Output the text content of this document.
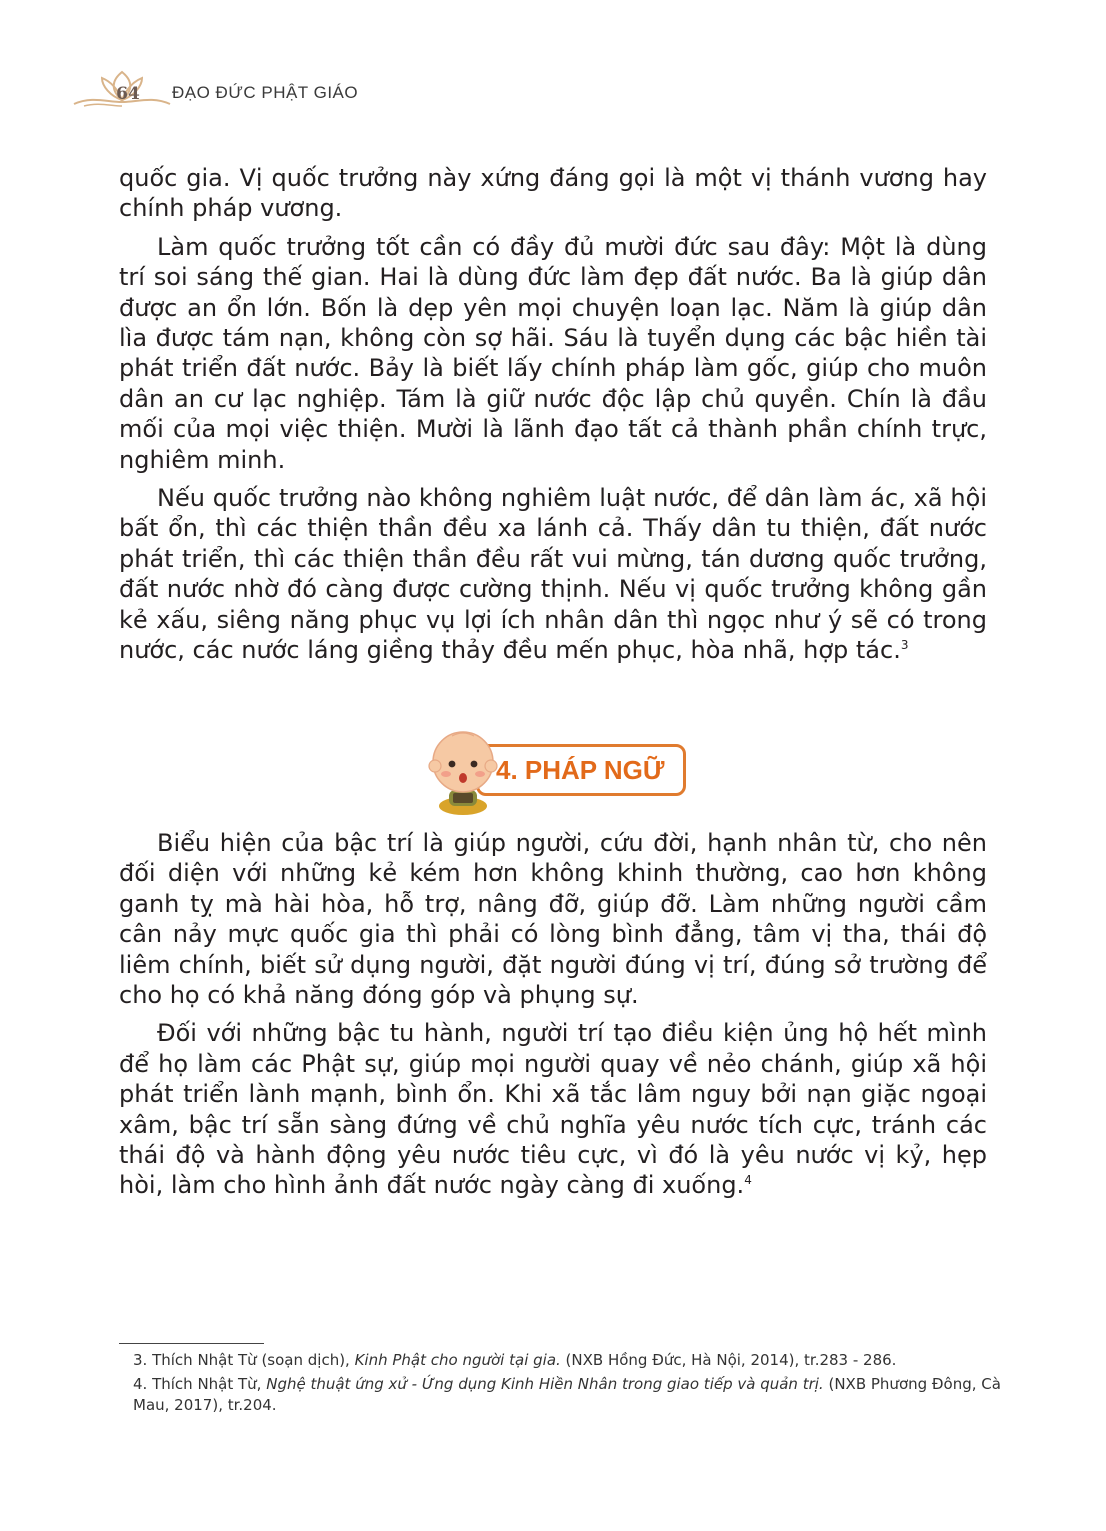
64	ĐẠO ĐỨC PHẬT GIÁO

quốc gia. Vị quốc trưởng này xứng đáng gọi là một vị thánh vương hay chính pháp vương.

Làm quốc trưởng tốt cần có đầy đủ mười đức sau đây: Một là dùng trí soi sáng thế gian. Hai là dùng đức làm đẹp đất nước. Ba là giúp dân được an ổn lớn. Bốn là dẹp yên mọi chuyện loạn lạc. Năm là giúp dân lìa được tám nạn, không còn sợ hãi. Sáu là tuyển dụng các bậc hiền tài phát triển đất nước. Bảy là biết lấy chính pháp làm gốc, giúp cho muôn dân an cư lạc nghiệp. Tám là giữ nước độc lập chủ quyền. Chín là đầu mối của mọi việc thiện. Mười là lãnh đạo tất cả thành phần chính trực, nghiêm minh.

Nếu quốc trưởng nào không nghiêm luật nước, để dân làm ác, xã hội bất ổn, thì các thiện thần đều xa lánh cả. Thấy dân tu thiện, đất nước phát triển, thì các thiện thần đều rất vui mừng, tán dương quốc trưởng, đất nước nhờ đó càng được cường thịnh. Nếu vị quốc trưởng không gần kẻ xấu, siêng năng phục vụ lợi ích nhân dân thì ngọc như ý sẽ có trong nước, các nước láng giềng thảy đều mến phục, hòa nhã, hợp tác.$^3$

4. PHÁP NGỮ

Biểu hiện của bậc trí là giúp người, cứu đời, hạnh nhân từ, cho nên đối diện với những kẻ kém hơn không khinh thường, cao hơn không ganh tỵ mà hài hòa, hỗ trợ, nâng đỡ, giúp đỡ. Làm những người cầm cân nảy mực quốc gia thì phải có lòng bình đẳng, tâm vị tha, thái độ liêm chính, biết sử dụng người, đặt người đúng vị trí, đúng sở trường để cho họ có khả năng đóng góp và phụng sự.

Đối với những bậc tu hành, người trí tạo điều kiện ủng hộ hết mình để họ làm các Phật sự, giúp mọi người quay về nẻo chánh, giúp xã hội phát triển lành mạnh, bình ổn. Khi xã tắc lâm nguy bởi nạn giặc ngoại xâm, bậc trí sẵn sàng đứng về chủ nghĩa yêu nước tích cực, tránh các thái độ và hành động yêu nước tiêu cực, vì đó là yêu nước vị kỷ, hẹp hòi, làm cho hình ảnh đất nước ngày càng đi xuống.$^4$

3. Thích Nhật Từ (soạn dịch), Kinh Phật cho người tại gia. (NXB Hồng Đức, Hà Nội, 2014), tr.283 - 286.

4. Thích Nhật Từ, Nghệ thuật ứng xử - Ứng dụng Kinh Hiền Nhân trong giao tiếp và quản trị. (NXB Phương Đông, Cà Mau, 2017), tr.204.
